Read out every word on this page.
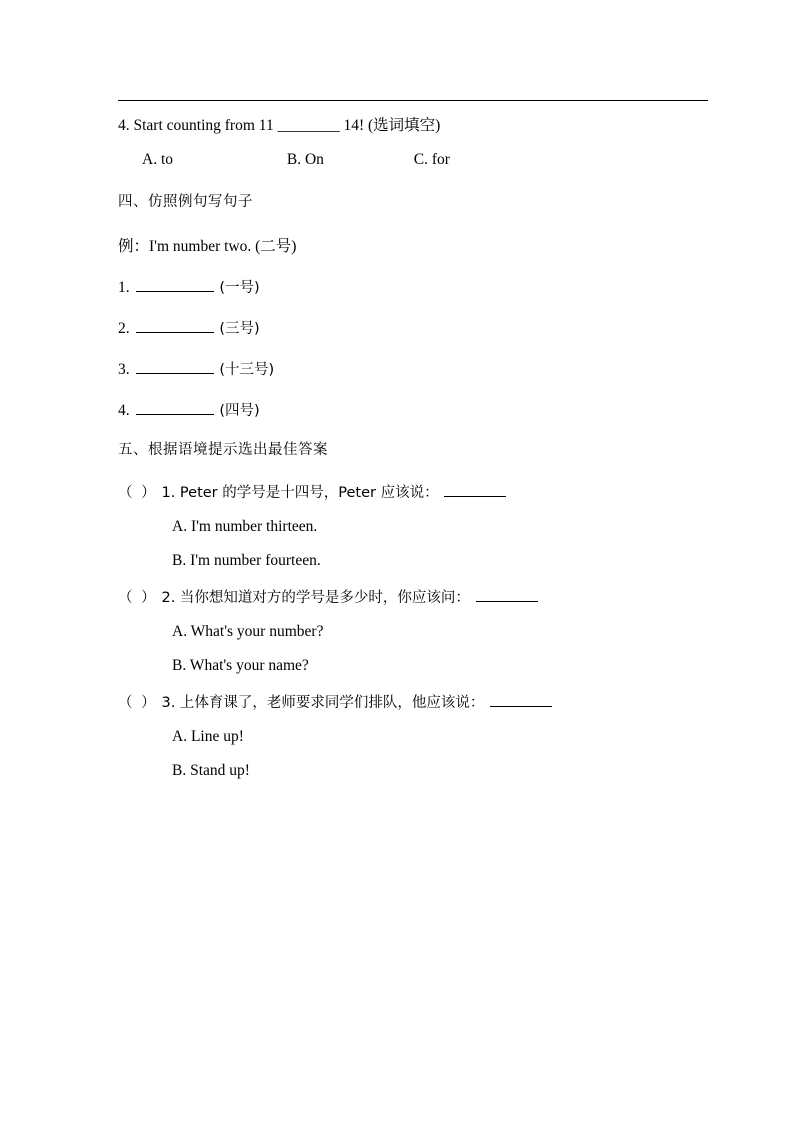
4. Start counting from 11 ________ 14! (选词填空)
A. to	B. On	C. for
四、仿照例句写句子
例：I'm number two. (二号)
1.	(一号)
2.	(三号)
3.	(十三号)
4.	(四号)
五、根据语境提示选出最佳答案
（ ） 1. Peter 的学号是十四号，Peter 应该说：
A. I'm number thirteen.
B. I'm number fourteen.
（ ） 2. 当你想知道对方的学号是多少时，你应该问：
A. What's your number?
B. What's your name?
（ ） 3. 上体育课了，老师要求同学们排队，他应该说：
A. Line up!
B. Stand up!
